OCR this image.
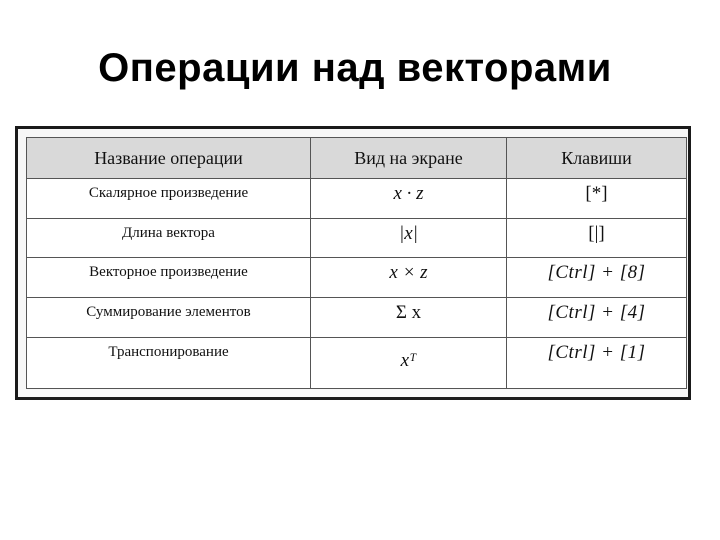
Операции над векторами
Название операции	Вид на экране	Клавиши
Скалярное произведение	x · z	[*]
Длина вектора	|x|	[|]
Векторное произведение	x × z	[Ctrl] + [8]
Суммирование элементов	Σ x	[Ctrl] + [4]
Транспонирование	xᵀ	[Ctrl] + [1]
